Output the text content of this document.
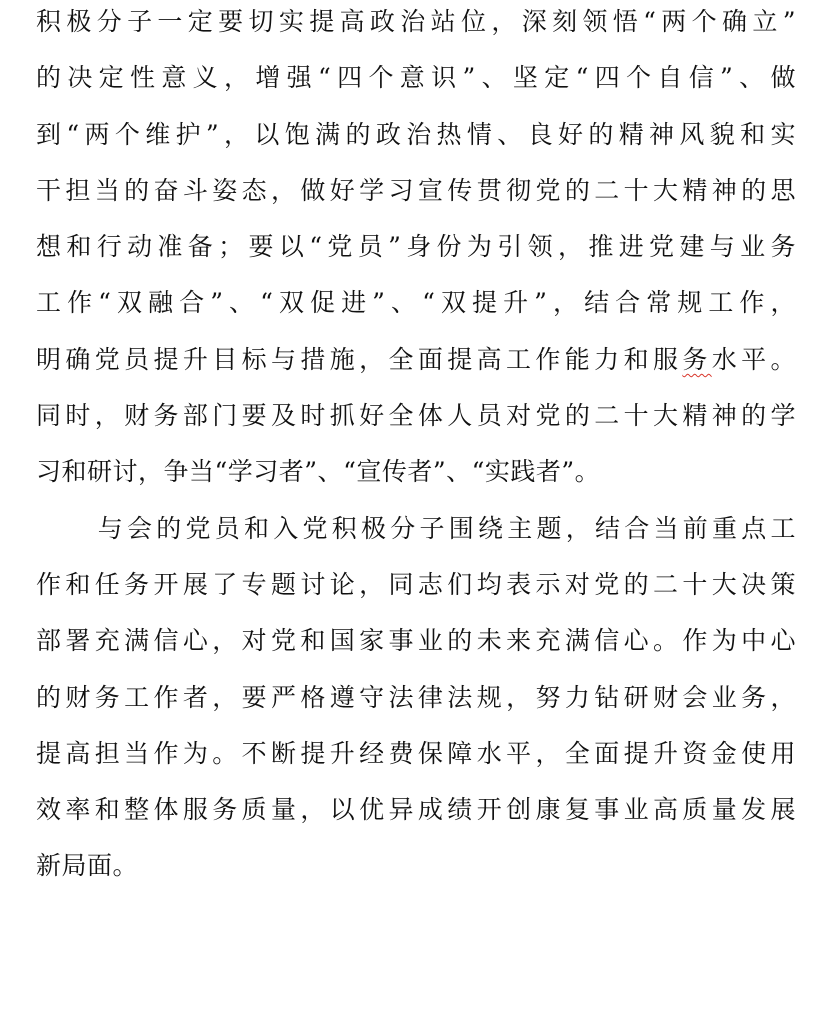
积极分子一定要切实提高政治站位，深刻领悟“两个确立”
的决定性意义，增强“四个意识”、坚定“四个自信”、做
到“两个维护”，以饱满的政治热情、良好的精神风貌和实
干担当的奋斗姿态，做好学习宣传贯彻党的二十大精神的思
想和行动准备；要以“党员”身份为引领，推进党建与业务
工作“双融合”、“双促进”、“双提升”，结合常规工作，
明确党员提升目标与措施，全面提高工作能力和服务水平。
同时，财务部门要及时抓好全体人员对党的二十大精神的学
习和研讨，争当“学习者”、“宣传者”、“实践者”。
与会的党员和入党积极分子围绕主题，结合当前重点工
作和任务开展了专题讨论，同志们均表示对党的二十大决策
部署充满信心，对党和国家事业的未来充满信心。作为中心
的财务工作者，要严格遵守法律法规，努力钻研财会业务，
提高担当作为。不断提升经费保障水平，全面提升资金使用
效率和整体服务质量，以优异成绩开创康复事业高质量发展
新局面。
